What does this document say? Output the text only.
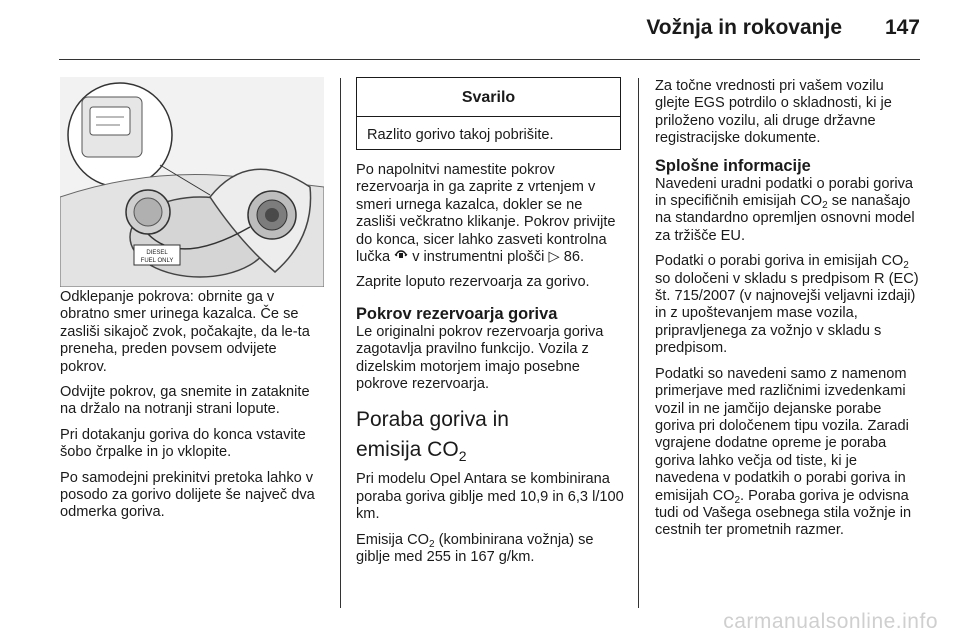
Vožnja in rokovanje 147
DIESEL
FUEL ONLY

Odklepanje pokrova: obrnite ga v obratno smer urinega kazalca. Če se zasliši sikajoč zvok, počakajte, da le-ta preneha, preden povsem odvijete pokrov.

Odvijte pokrov, ga snemite in zataknite na držalo na notranji strani lopute.

Pri dotakanju goriva do konca vstavite šobo črpalke in jo vklopite.

Po samodejni prekinitvi pretoka lahko v posodo za gorivo dolijete še največ dva odmerka goriva.

Svarilo
Razlito gorivo takoj pobrišite.

Po napolnitvi namestite pokrov rezervoarja in ga zaprite z vrtenjem v smeri urnega kazalca, dokler se ne zasliši večkratno klikanje. Pokrov privijte do konca, sicer lahko zasveti kontrolna lučka v instrumentni plošči ▷ 86.

Zaprite loputo rezervoarja za gorivo.

Pokrov rezervoarja goriva

Le originalni pokrov rezervoarja goriva zagotavlja pravilno funkcijo. Vozila z dizelskim motorjem imajo posebne pokrove rezervoarja.

Poraba goriva in
emisija $CO_2$

Pri modelu Opel Antara se kombinirana poraba goriva giblje med 10,9 in 6,3 l/100 km.

Emisija $CO_2$ (kombinirana vožnja) se giblje med 255 in 167 g/km.

Za točne vrednosti pri vašem vozilu glejte EGS potrdilo o skladnosti, ki je priloženo vozilu, ali druge državne registracijske dokumente.

Splošne informacije

Navedeni uradni podatki o porabi goriva in specifičnih emisijah $CO_2$ se nanašajo na standardno opremljen osnovni model za tržišče EU.

Podatki o porabi goriva in emisijah $CO_2$ so določeni v skladu s predpisom R (EC) št. 715/2007 (v najnovejši veljavni izdaji) in z upoštevanjem mase vozila, pripravljenega za vožnjo v skladu s predpisom.

Podatki so navedeni samo z namenom primerjave med različnimi izvedenkami vozil in ne jamčijo dejanske porabe goriva pri določenem tipu vozila. Zaradi vgrajene dodatne opreme je poraba goriva lahko večja od tiste, ki je navedena v podatkih o porabi goriva in emisijah $CO_2$. Poraba goriva je odvisna tudi od Vašega osebnega stila vožnje in cestnih ter prometnih razmer.

carmanualsonline.info
